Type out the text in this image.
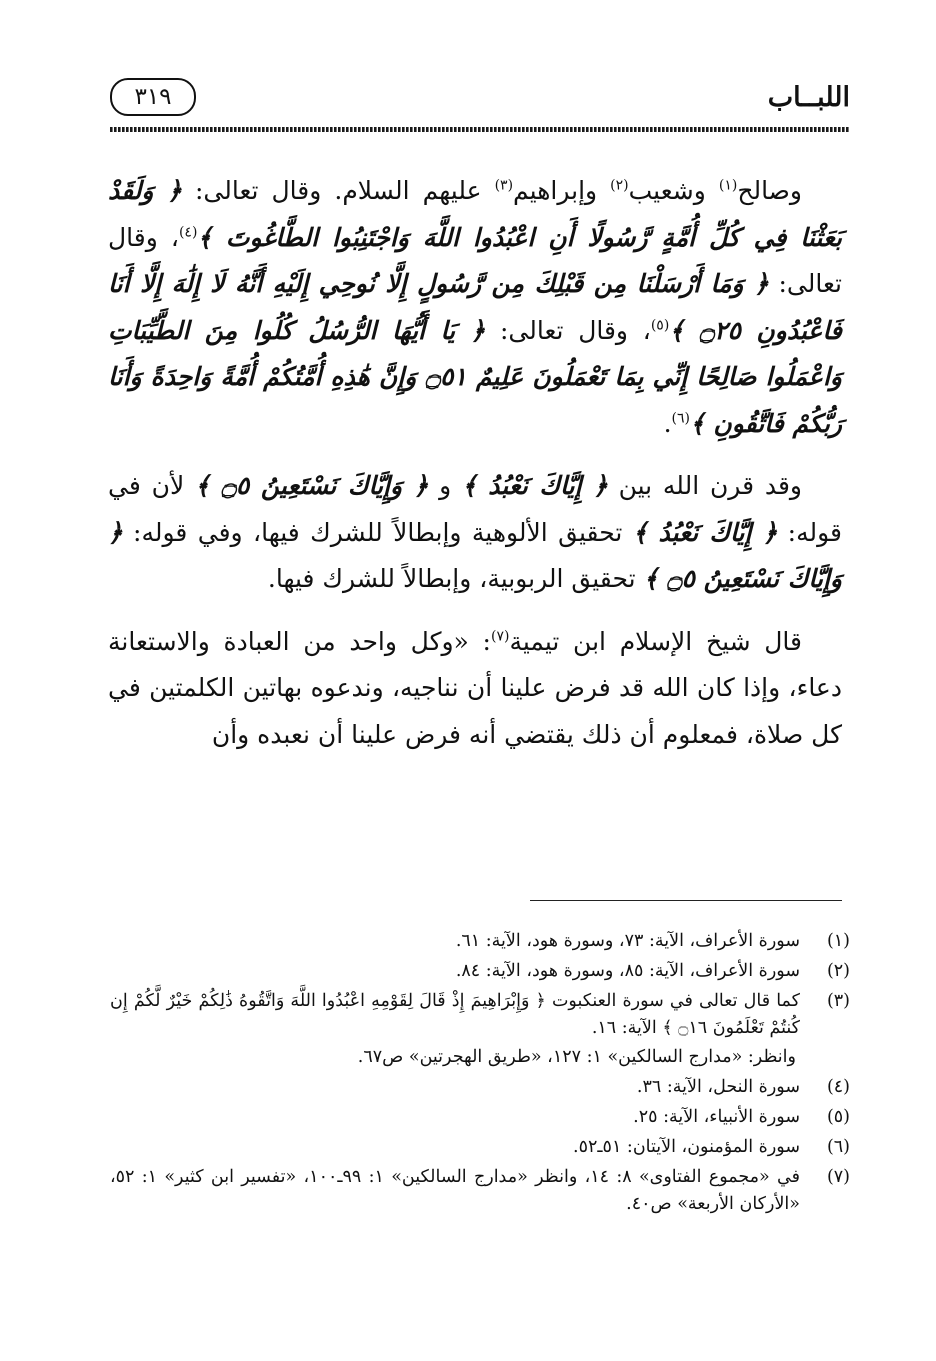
اللبــاب
٣١٩

وصالح$^{(١)}$ وشعيب$^{(٢)}$ وإبراهيم$^{(٣)}$ عليهم السلام. وقال تعالى: ﴿ وَلَقَدْ بَعَثْنَا فِي كُلِّ أُمَّةٍ رَّسُولًا أَنِ اعْبُدُوا اللَّهَ وَاجْتَنِبُوا الطَّاغُوتَ ﴾$^{(٤)}$، وقال تعالى: ﴿ وَمَا أَرْسَلْنَا مِن قَبْلِكَ مِن رَّسُولٍ إِلَّا نُوحِي إِلَيْهِ أَنَّهُ لَا إِلَٰهَ إِلَّا أَنَا فَاعْبُدُونِ ۝٢٥ ﴾$^{(٥)}$، وقال تعالى: ﴿ يَا أَيُّهَا الرُّسُلُ كُلُوا مِنَ الطَّيِّبَاتِ وَاعْمَلُوا صَالِحًا إِنِّي بِمَا تَعْمَلُونَ عَلِيمٌ ۝٥١ وَإِنَّ هَٰذِهِ أُمَّتُكُمْ أُمَّةً وَاحِدَةً وَأَنَا رَبُّكُمْ فَاتَّقُونِ ﴾$^{(٦)}$.

وقد قرن الله بين ﴿ إِيَّاكَ نَعْبُدُ ﴾ و ﴿ وَإِيَّاكَ نَسْتَعِينُ ۝٥ ﴾ لأن في قوله: ﴿ إِيَّاكَ نَعْبُدُ ﴾ تحقيق الألوهية وإبطالاً للشرك فيها، وفي قوله: ﴿ وَإِيَّاكَ نَسْتَعِينُ ۝٥ ﴾ تحقيق الربوبية، وإبطالاً للشرك فيها.

قال شيخ الإسلام ابن تيمية$^{(٧)}$: «وكل واحد من العبادة والاستعانة دعاء، وإذا كان الله قد فرض علينا أن نناجيه، وندعوه بهاتين الكلمتين في كل صلاة، فمعلوم أن ذلك يقتضي أنه فرض علينا أن نعبده وأن

(١)
سورة الأعراف، الآية: ٧٣، وسورة هود، الآية: ٦١.
(٢)
سورة الأعراف، الآية: ٨٥، وسورة هود، الآية: ٨٤.
(٣)
كما قال تعالى في سورة العنكبوت ﴿ وَإِبْرَاهِيمَ إِذْ قَالَ لِقَوْمِهِ اعْبُدُوا اللَّهَ وَاتَّقُوهُ ذَٰلِكُمْ خَيْرٌ لَّكُمْ إِن كُنتُمْ تَعْلَمُونَ ۝١٦ ﴾ الآية: ١٦.
وانظر: «مدارج السالكين» ١: ١٢٧، «طريق الهجرتين» ص٦٧.
(٤)
سورة النحل، الآية: ٣٦.
(٥)
سورة الأنبياء، الآية: ٢٥.
(٦)
سورة المؤمنون، الآيتان: ٥١ـ٥٢.
(٧)
في «مجموع الفتاوى» ٨: ١٤، وانظر «مدارج السالكين» ١: ٩٩ـ١٠٠، «تفسير ابن كثير» ١: ٥٢، «الأركان الأربعة» ص٤٠.
